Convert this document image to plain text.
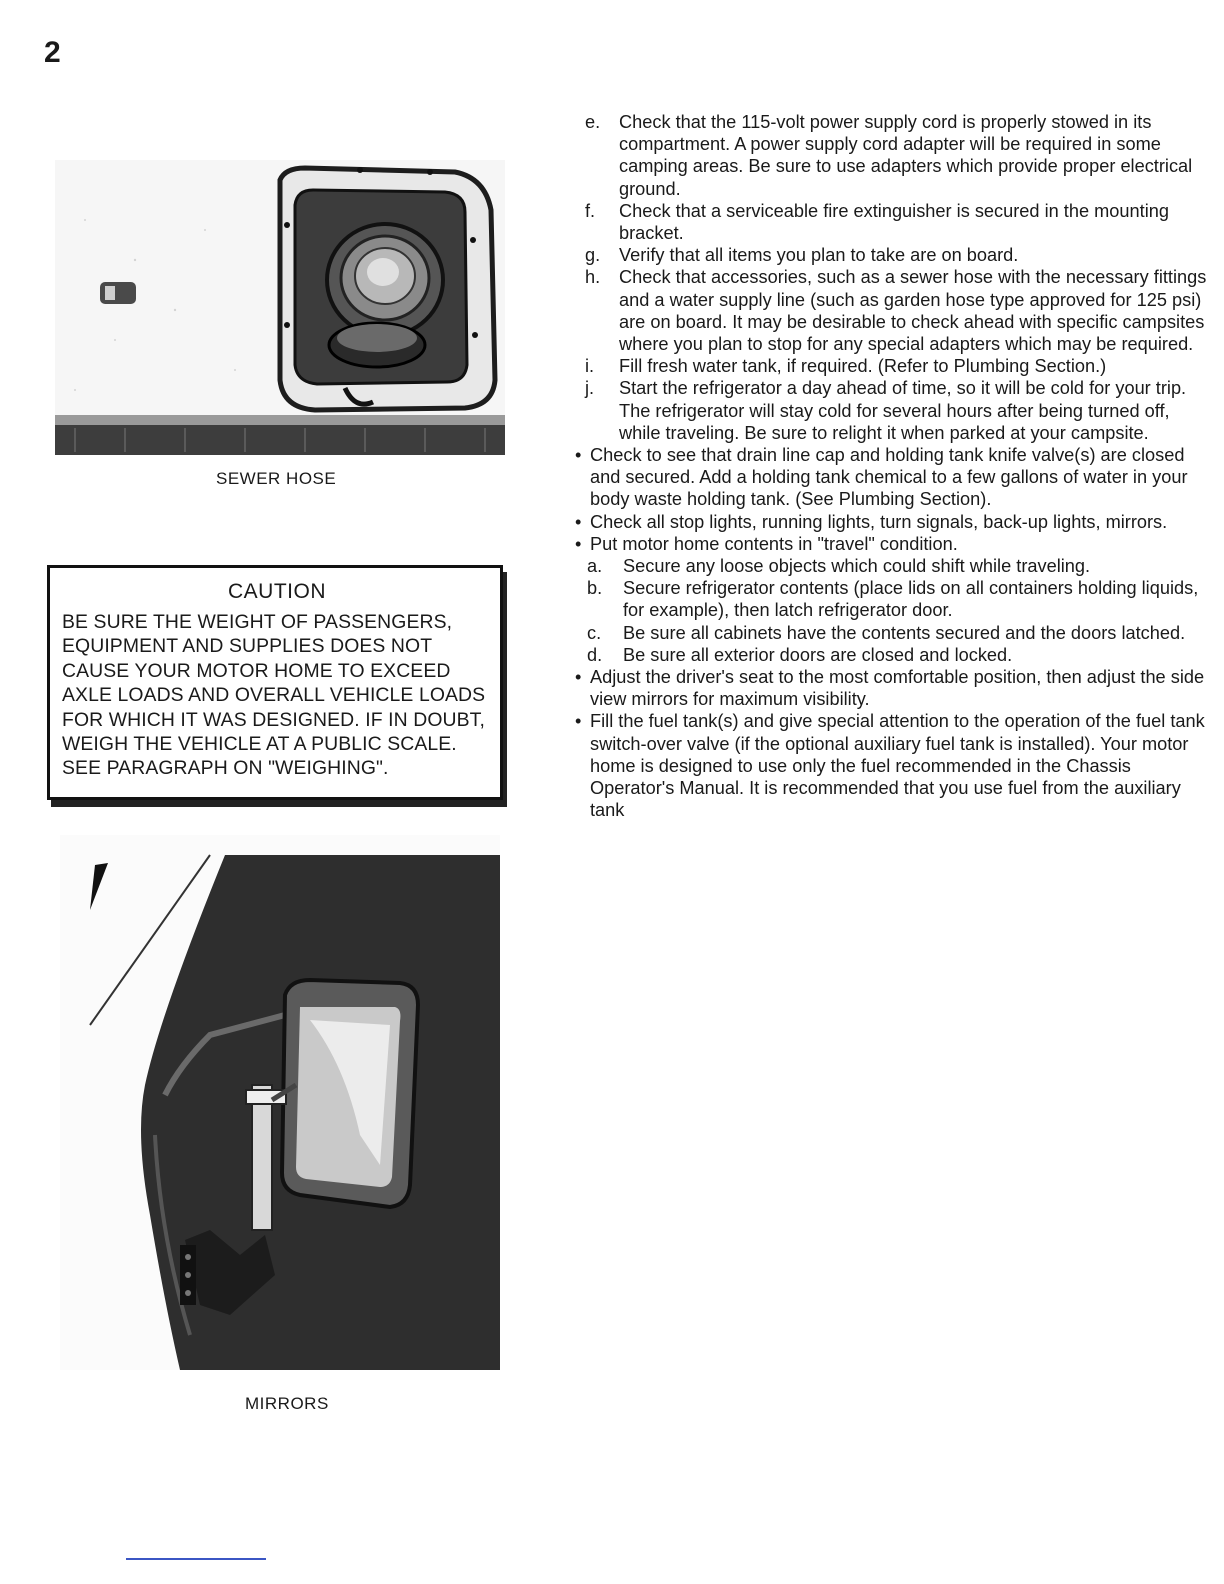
2
SEWER HOSE
CAUTION

BE SURE THE WEIGHT OF PASSENGERS, EQUIPMENT AND SUPPLIES DOES NOT CAUSE YOUR MOTOR HOME TO EXCEED AXLE LOADS AND OVERALL VEHICLE LOADS FOR WHICH IT WAS DESIGNED. IF IN DOUBT, WEIGH THE VEHICLE AT A PUBLIC SCALE. SEE PARAGRAPH ON "WEIGHING".

MIRRORS
e.	Check that the 115-volt power supply cord is properly stowed in its compartment. A power supply cord adapter will be required in some camping areas. Be sure to use adapters which provide proper electrical ground.
f.	Check that a serviceable fire extinguisher is secured in the mounting bracket.
g.	Verify that all items you plan to take are on board.
h.	Check that accessories, such as a sewer hose with the necessary fittings and a water supply line (such as garden hose type approved for 125 psi) are on board. It may be desirable to check ahead with specific campsites where you plan to stop for any special adapters which may be required.
i.	Fill fresh water tank, if required. (Refer to Plumbing Section.)
j.	Start the refrigerator a day ahead of time, so it will be cold for your trip. The refrigerator will stay cold for several hours after being turned off, while traveling. Be sure to relight it when parked at your campsite.
• Check to see that drain line cap and holding tank knife valve(s) are closed and secured. Add a holding tank chemical to a few gallons of water in your body waste holding tank. (See Plumbing Section).
• Check all stop lights, running lights, turn signals, back-up lights, mirrors.
• Put motor home contents in "travel" condition.
a.	Secure any loose objects which could shift while traveling.
b.	Secure refrigerator contents (place lids on all containers holding liquids, for example), then latch refrigerator door.
c.	Be sure all cabinets have the contents secured and the doors latched.
d.	Be sure all exterior doors are closed and locked.
• Adjust the driver's seat to the most comfortable position, then adjust the side view mirrors for maximum visibility.
• Fill the fuel tank(s) and give special attention to the operation of the fuel tank switch-over valve (if the optional auxiliary fuel tank is installed). Your motor home is designed to use only the fuel recommended in the Chassis Operator's Manual. It is recommended that you use fuel from the auxiliary tank
